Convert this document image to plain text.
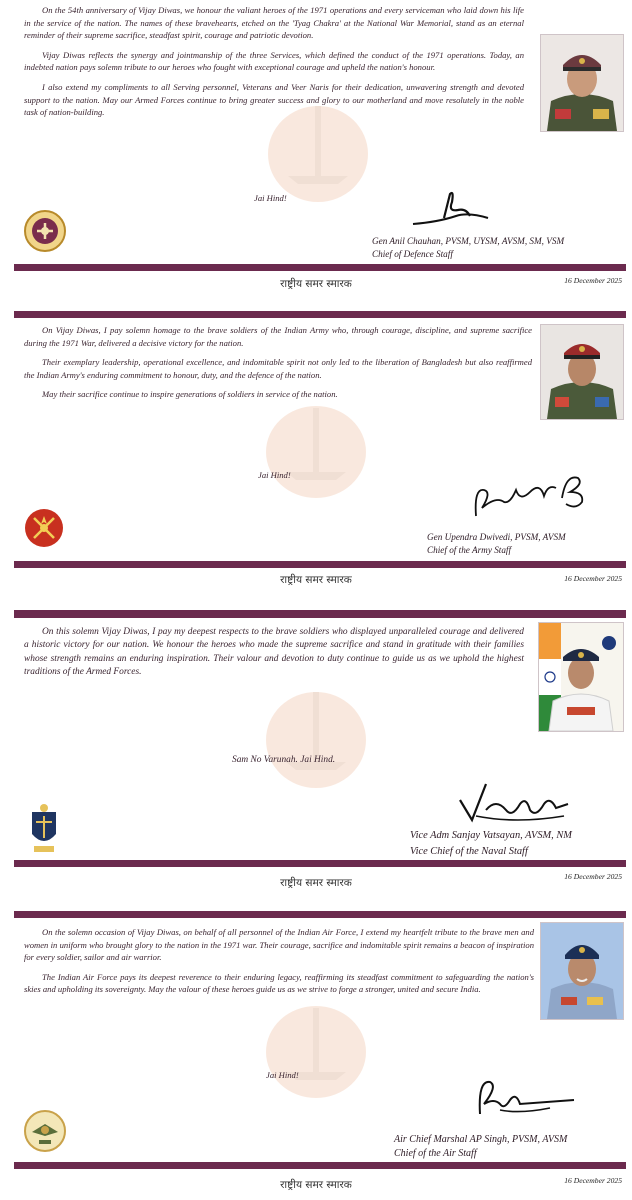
On the 54th anniversary of Vijay Diwas, we honour the valiant heroes of the 1971 operations and every serviceman who laid down his life in the service of the nation. The names of these bravehearts, etched on the 'Tyag Chakra' at the National War Memorial, stand as an eternal reminder of their supreme sacrifice, steadfast spirit, courage and patriotic devotion.

Vijay Diwas reflects the synergy and jointmanship of the three Services, which defined the conduct of the 1971 operations. Today, an indebted nation pays solemn tribute to our heroes who fought with exceptional courage and upheld the nation's honour.

I also extend my compliments to all Serving personnel, Veterans and Veer Naris for their dedication, unwavering strength and devoted support to the nation. May our Armed Forces continue to bring greater success and glory to our motherland and move resolutely in the noble task of nation-building.

Jai Hind!
Gen Anil Chauhan, PVSM, UYSM, AVSM, SM, VSM
Chief of Defence Staff
राष्ट्रीय समर स्मारक	16 December 2025

On Vijay Diwas, I pay solemn homage to the brave soldiers of the Indian Army who, through courage, discipline, and supreme sacrifice during the 1971 War, delivered a decisive victory for the nation.

Their exemplary leadership, operational excellence, and indomitable spirit not only led to the liberation of Bangladesh but also reaffirmed the Indian Army's enduring commitment to honour, duty, and the defence of the nation.

May their sacrifice continue to inspire generations of soldiers in service of the nation.

Jai Hind!
Gen Upendra Dwivedi, PVSM, AVSM
Chief of the Army Staff
राष्ट्रीय समर स्मारक	16 December 2025

On this solemn Vijay Diwas, I pay my deepest respects to the brave soldiers who displayed unparalleled courage and delivered a historic victory for our nation. We honour the heroes who made the supreme sacrifice and stand in gratitude with their families whose strength remains an enduring inspiration. Their valour and devotion to duty continue to guide us as we uphold the highest traditions of the Armed Forces.

Sam No Varunah. Jai Hind.
Vice Adm Sanjay Vatsayan, AVSM, NM
Vice Chief of the Naval Staff
राष्ट्रीय समर स्मारक
16 December 2025

On the solemn occasion of Vijay Diwas, on behalf of all personnel of the Indian Air Force, I extend my heartfelt tribute to the brave men and women in uniform who brought glory to the nation in the 1971 war. Their courage, sacrifice and indomitable spirit remains a beacon of inspiration for every soldier, sailor and air warrior.

The Indian Air Force pays its deepest reverence to their enduring legacy, reaffirming its steadfast commitment to safeguarding the nation's skies and upholding its sovereignty. May the valour of these heroes guide us as we strive to forge a stronger, united and secure India.

Jai Hind!
Air Chief Marshal AP Singh, PVSM, AVSM
Chief of the Air Staff
राष्ट्रीय समर स्मारक	16 December 2025
